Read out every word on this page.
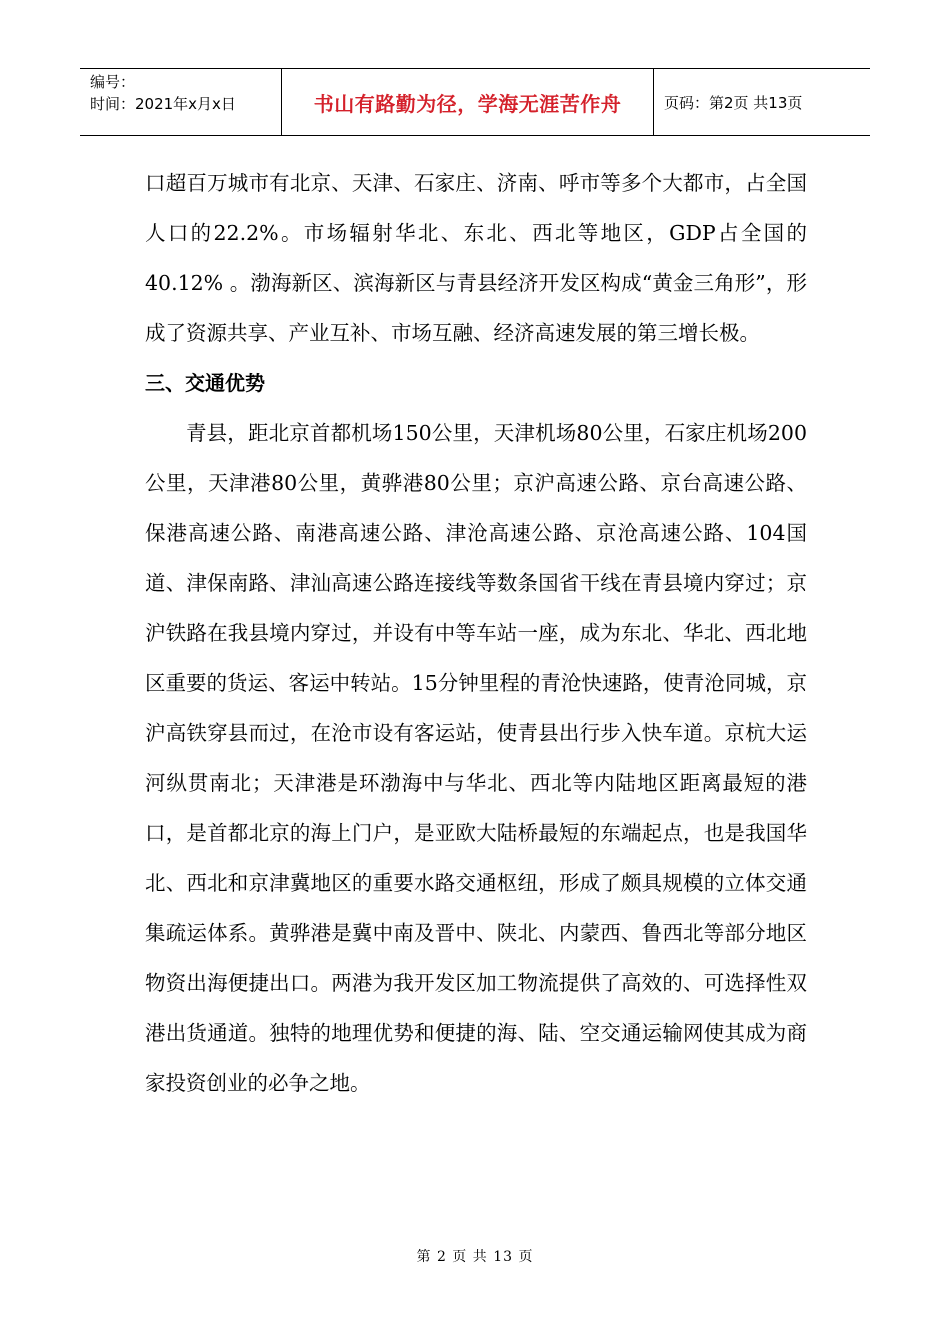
编号：
时间：2021年x月x日	书山有路勤为径，学海无涯苦作舟	页码：第2页 共13页

口超百万城市有北京、天津、石家庄、济南、呼市等多个大都市，占全国人口的22.2%。市场辐射华北、东北、西北等地区，GDP占全国的40.12% 。渤海新区、滨海新区与青县经济开发区构成“黄金三角形”，形成了资源共享、产业互补、市场互融、经济高速发展的第三增长极。

三、交通优势

青县，距北京首都机场150公里，天津机场80公里，石家庄机场200公里，天津港80公里，黄骅港80公里；京沪高速公路、京台高速公路、保港高速公路、南港高速公路、津沧高速公路、京沧高速公路、104国道、津保南路、津汕高速公路连接线等数条国省干线在青县境内穿过；京沪铁路在我县境内穿过，并设有中等车站一座，成为东北、华北、西北地区重要的货运、客运中转站。15分钟里程的青沧快速路，使青沧同城，京沪高铁穿县而过，在沧市设有客运站，使青县出行步入快车道。京杭大运河纵贯南北；天津港是环渤海中与华北、西北等内陆地区距离最短的港口，是首都北京的海上门户，是亚欧大陆桥最短的东端起点，也是我国华北、西北和京津冀地区的重要水路交通枢纽，形成了颇具规模的立体交通集疏运体系。黄骅港是冀中南及晋中、陕北、内蒙西、鲁西北等部分地区物资出海便捷出口。两港为我开发区加工物流提供了高效的、可选择性双港出货通道。独特的地理优势和便捷的海、陆、空交通运输网使其成为商家投资创业的必争之地。

第 2 页 共 13 页
